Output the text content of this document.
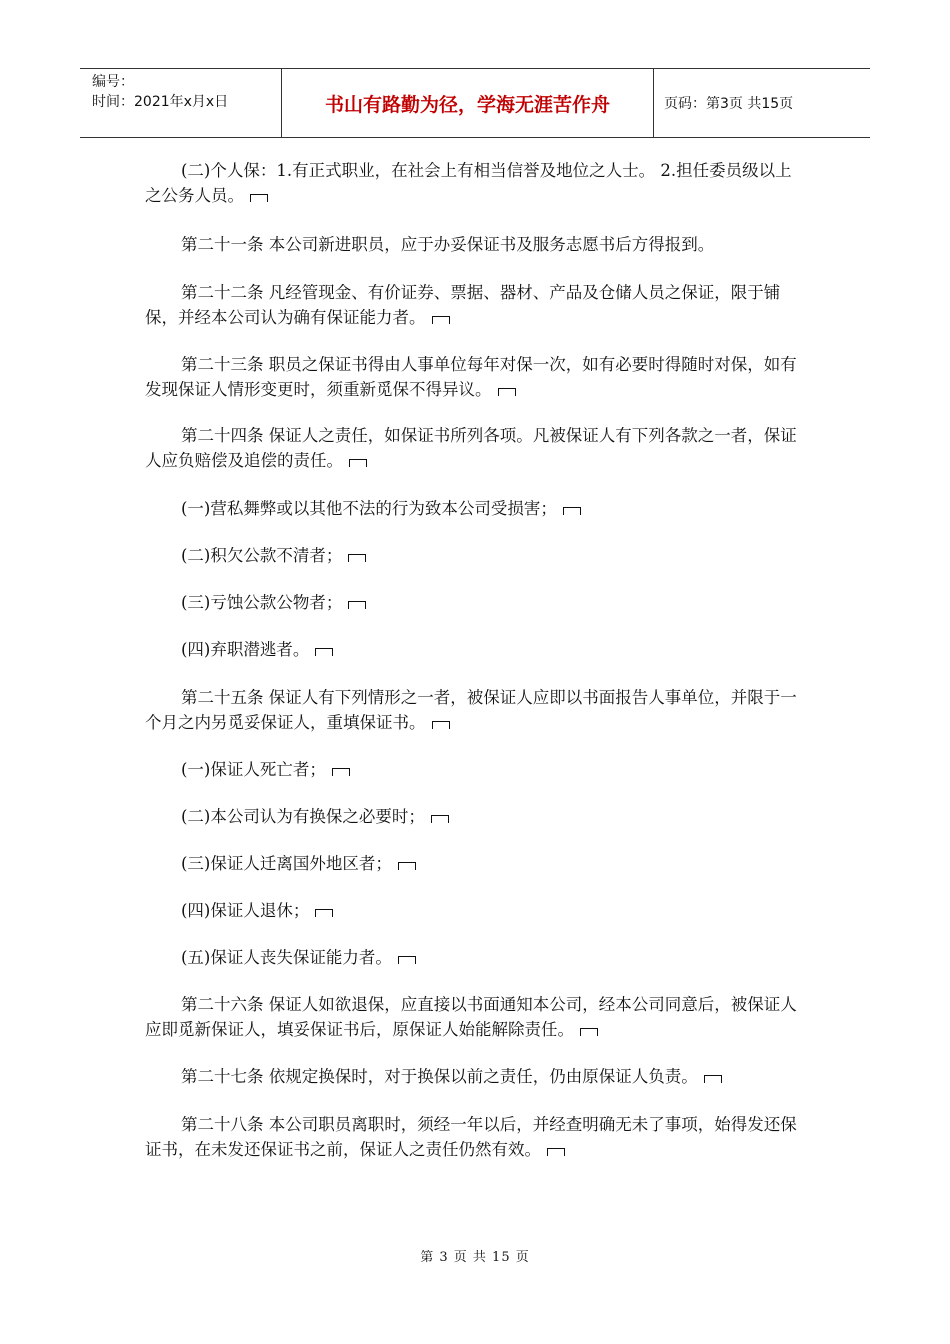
编号：
时间：2021年x月x日	书山有路勤为径，学海无涯苦作舟	页码：第3页 共15页

(二)个人保：1.有正式职业，在社会上有相当信誉及地位之人士。 2.担任委员级以上之公务人员。

第二十一条 本公司新进职员，应于办妥保证书及服务志愿书后方得报到。

第二十二条 凡经管现金、有价证券、票据、器材、产品及仓储人员之保证，限于铺保，并经本公司认为确有保证能力者。

第二十三条 职员之保证书得由人事单位每年对保一次，如有必要时得随时对保，如有发现保证人情形变更时，须重新觅保不得异议。

第二十四条 保证人之责任，如保证书所列各项。凡被保证人有下列各款之一者，保证人应负赔偿及追偿的责任。

(一)营私舞弊或以其他不法的行为致本公司受损害；

(二)积欠公款不清者；

(三)亏蚀公款公物者；

(四)弃职潜逃者。

第二十五条 保证人有下列情形之一者，被保证人应即以书面报告人事单位，并限于一个月之内另觅妥保证人，重填保证书。

(一)保证人死亡者；

(二)本公司认为有换保之必要时；

(三)保证人迁离国外地区者；

(四)保证人退休；

(五)保证人丧失保证能力者。

第二十六条 保证人如欲退保，应直接以书面通知本公司，经本公司同意后，被保证人应即觅新保证人，填妥保证书后，原保证人始能解除责任。

第二十七条 依规定换保时，对于换保以前之责任，仍由原保证人负责。

第二十八条 本公司职员离职时，须经一年以后，并经查明确无未了事项，始得发还保证书，在未发还保证书之前，保证人之责任仍然有效。

第 3 页 共 15 页
